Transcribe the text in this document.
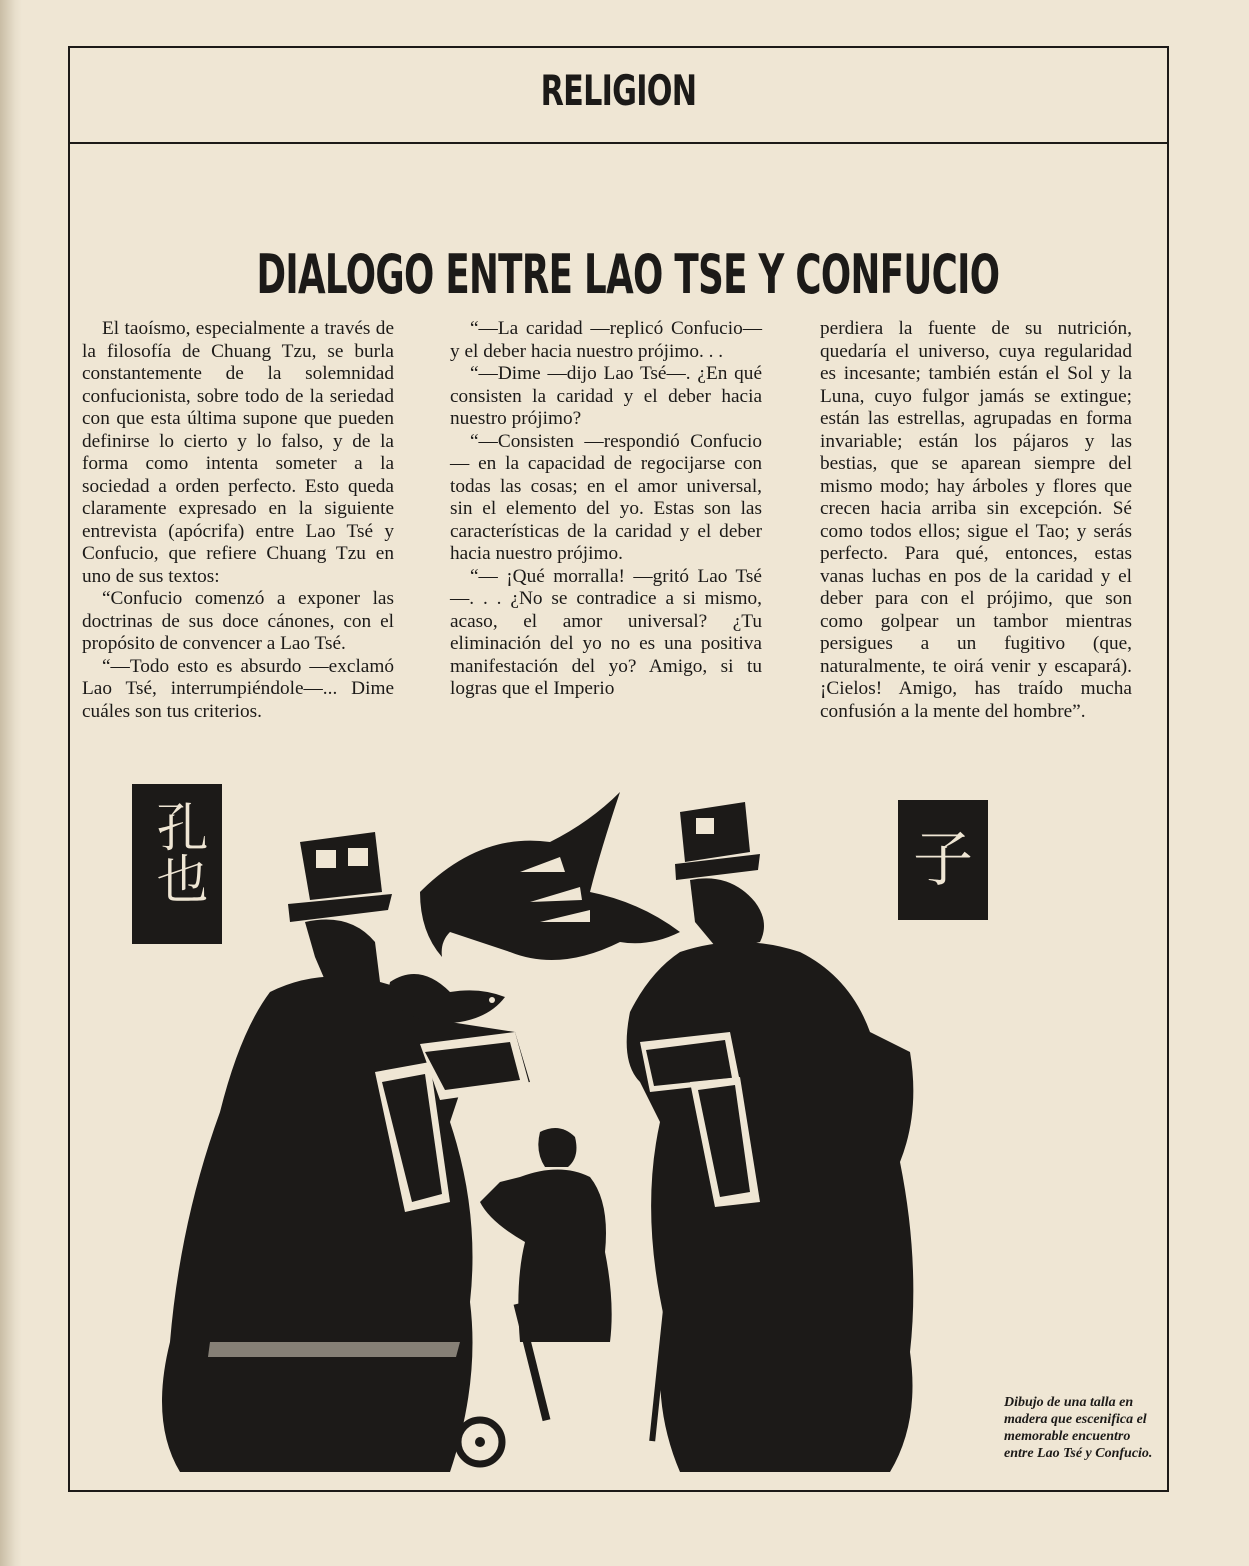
RELIGION
DIALOGO ENTRE LAO TSE Y CONFUCIO

El taoísmo, especialmente a través de la filosofía de Chuang Tzu, se burla constantemente de la solemnidad confucionista, sobre todo de la seriedad con que esta última supone que pueden definirse lo cierto y lo falso, y de la forma como intenta someter a la sociedad a orden perfecto. Esto queda claramente expresado en la siguiente entrevista (apócrifa) entre Lao Tsé y Confucio, que refiere Chuang Tzu en uno de sus textos:

“Confucio comenzó a exponer las doctrinas de sus doce cánones, con el propósito de convencer a Lao Tsé.

“—Todo esto es absurdo —exclamó Lao Tsé, interrumpiéndole—... Dime cuáles son tus criterios.

“—La caridad —replicó Confucio— y el deber hacia nuestro prójimo. . .

“—Dime —dijo Lao Tsé—. ¿En qué consisten la caridad y el deber hacia nuestro prójimo?

“—Consisten —respondió Confucio— en la capacidad de regocijarse con todas las cosas; en el amor universal, sin el elemento del yo. Estas son las características de la caridad y el deber hacia nuestro prójimo.

“— ¡Qué morralla! —gritó Lao Tsé—. . . ¿No se contradice a si mismo, acaso, el amor universal? ¿Tu eliminación del yo no es una positiva manifestación del yo? Amigo, si tu logras que el Imperio

perdiera la fuente de su nutrición, quedaría el universo, cuya regularidad es incesante; también están el Sol y la Luna, cuyo fulgor jamás se extingue; están las estrellas, agrupadas en forma invariable; están los pájaros y las bestias, que se aparean siempre del mismo modo; hay árboles y flores que crecen hacia arriba sin excepción. Sé como todos ellos; sigue el Tao; y serás perfecto. Para qué, entonces, estas vanas luchas en pos de la caridad y el deber para con el prójimo, que son como golpear un tambor mientras persigues a un fugitivo (que, naturalmente, te oirá venir y escapará). ¡Cielos! Amigo, has traído mucha confusión a la mente del hombre”.

孔也	子
Dibujo de una talla en madera que escenifica el memorable encuentro entre Lao Tsé y Confucio.
